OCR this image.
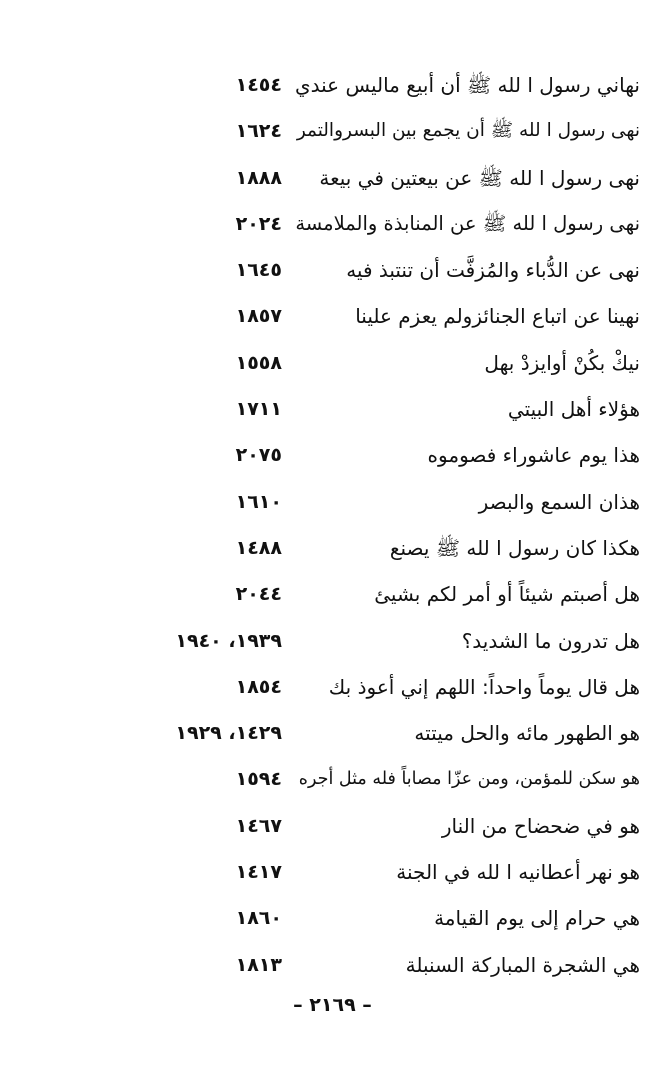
نهاني رسول ا لله ﷺ أن أبيع ماليس عندي
١٤٥٤
نهى رسول ا لله ﷺ أن يجمع بين البسروالتمر
١٦٢٤
نهى رسول ا لله ﷺ عن بيعتين في بيعة
١٨٨٨
نهى رسول ا لله ﷺ عن المنابذة والملامسة
٢٠٢٤
نهى عن الدُّباء والمُزفَّت أن تنتبذ فيه
١٦٤٥
نهينا عن اتباع الجنائزولم يعزم علينا
١٨٥٧
نيكْ بكُنْ أوايزدْ بهل
١٥٥٨
هؤلاء أهل البيتي
١٧١١
هذا يوم عاشوراء فصوموه
٢٠٧٥
هذان السمع والبصر
١٦١٠
هكذا كان رسول ا لله ﷺ يصنع
١٤٨٨
هل أصبتم شيئاً أو أمر لكم بشيئ
٢٠٤٤
هل تدرون ما الشديد؟
١٩٣٩، ١٩٤٠
هل قال يوماً واحداً: اللهم إني أعوذ بك
١٨٥٤
هو الطهور مائه والحل ميتته
١٤٢٩، ١٩٢٩
هو سكن للمؤمن، ومن عزّا مصاباً فله مثل أجره
١٥٩٤
هو في ضحضاح من النار
١٤٦٧
هو نهر أعطانيه ا لله في الجنة
١٤١٧
هي حرام إلى يوم القيامة
١٨٦٠
هي الشجرة المباركة السنبلة
١٨١٣
– ٢١٦٩ –
